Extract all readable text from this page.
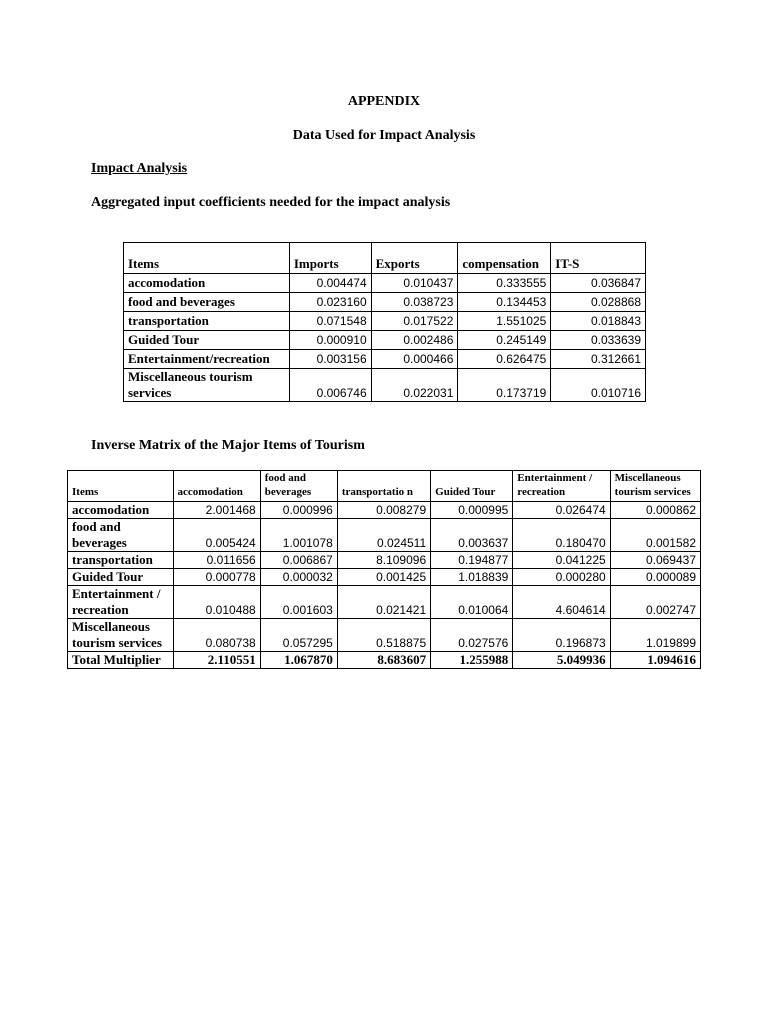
APPENDIX

Data Used for Impact Analysis

Impact Analysis

Aggregated input coefficients needed for the impact analysis

Items	Imports	Exports	compensation	IT-S
accomodation	0.004474	0.010437	0.333555	0.036847
food and beverages	0.023160	0.038723	0.134453	0.028868
transportation	0.071548	0.017522	1.551025	0.018843
Guided Tour	0.000910	0.002486	0.245149	0.033639
Entertainment/recreation	0.003156	0.000466	0.626475	0.312661
Miscellaneous tourism services	0.006746	0.022031	0.173719	0.010716

Inverse Matrix of the Major Items of Tourism

Items	accomodation	food and beverages	transportatio n	Guided Tour	Entertainment / recreation	Miscellaneous tourism services
accomodation	2.001468	0.000996	0.008279	0.000995	0.026474	0.000862
food and beverages	0.005424	1.001078	0.024511	0.003637	0.180470	0.001582
transportation	0.011656	0.006867	8.109096	0.194877	0.041225	0.069437
Guided Tour	0.000778	0.000032	0.001425	1.018839	0.000280	0.000089
Entertainment / recreation	0.010488	0.001603	0.021421	0.010064	4.604614	0.002747
Miscellaneous tourism services	0.080738	0.057295	0.518875	0.027576	0.196873	1.019899
Total Multiplier	2.110551	1.067870	8.683607	1.255988	5.049936	1.094616
